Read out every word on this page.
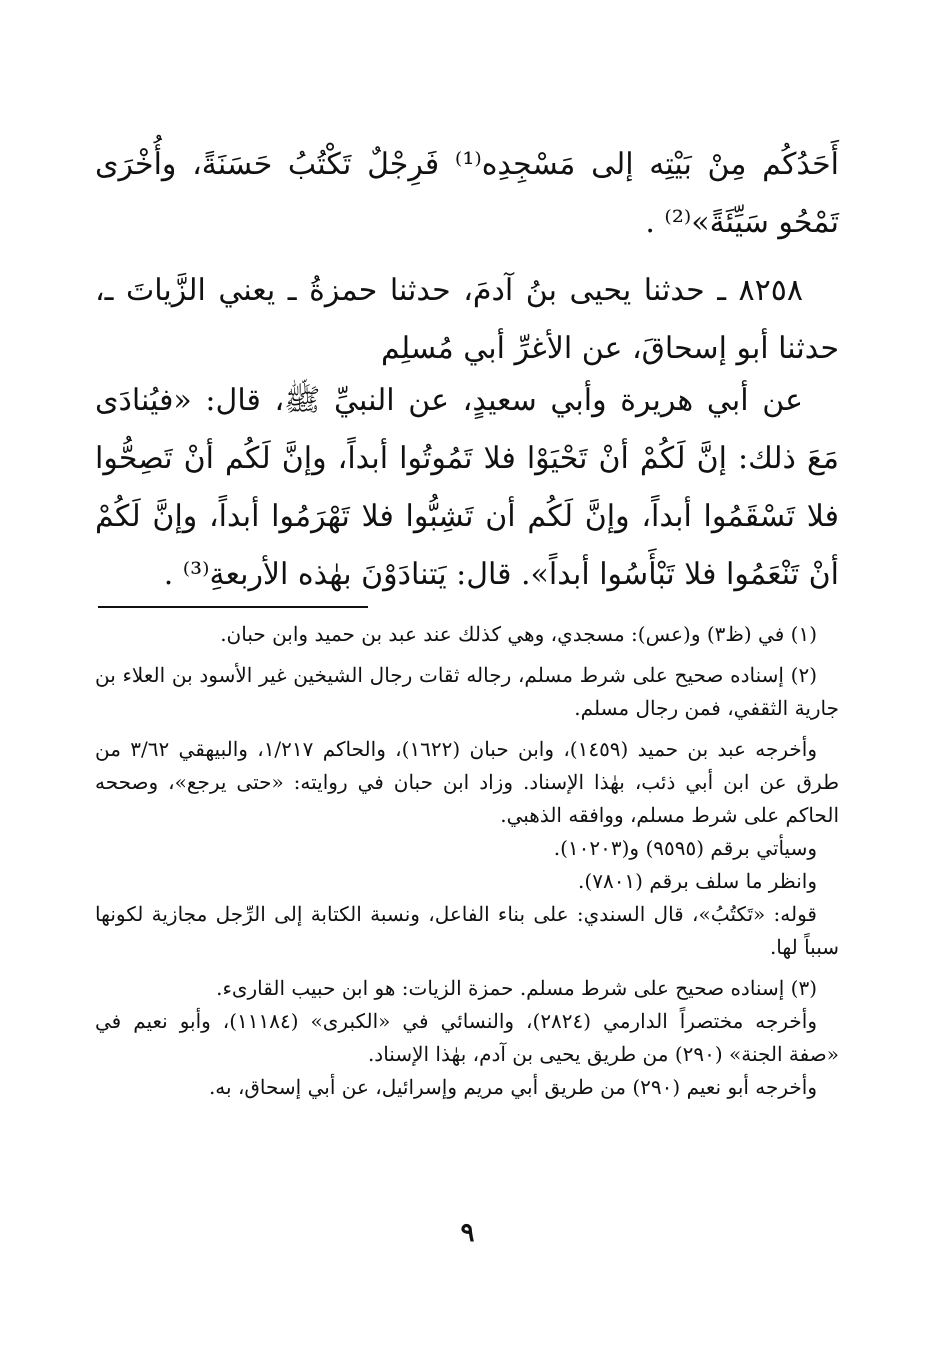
أَحَدُكُم مِنْ بَيْتِه إلى مَسْجِدِه⁽¹⁾ فَرِجْلٌ تَكْتُبُ حَسَنَةً، وأُخْرَى تَمْحُو سَيِّئَةً»⁽²⁾ .

٨٢٥٨ ـ حدثنا يحيى بنُ آدمَ، حدثنا حمزةُ ـ يعني الزَّياتَ ـ، حدثنا أبو إسحاقَ، عن الأغرِّ أبي مُسلِم

عن أبي هريرة وأبي سعيدٍ، عن النبيِّ ﷺ، قال: «فيُنادَى مَعَ ذلك: إنَّ لَكُمْ أنْ تَحْيَوْا فلا تَمُوتُوا أبداً، وإنَّ لَكُم أنْ تَصِحُّوا فلا تَسْقَمُوا أبداً، وإنَّ لَكُم أن تَشِبُّوا فلا تَهْرَمُوا أبداً، وإنَّ لَكُمْ أنْ تَنْعَمُوا فلا تَبْأَسُوا أبداً». قال: يَتنادَوْنَ بهٰذه الأربعةِ⁽³⁾ .

(١) في (ظ٣) و(عس): مسجدي، وهي كذلك عند عبد بن حميد وابن حبان.

(٢) إسناده صحيح على شرط مسلم، رجاله ثقات رجال الشيخين غير الأسود بن العلاء بن جارية الثقفي، فمن رجال مسلم.

وأخرجه عبد بن حميد (١٤٥٩)، وابن حبان (١٦٢٢)، والحاكم ١/٢١٧، والبيهقي ٣/٦٢ من طرق عن ابن أبي ذئب، بهٰذا الإسناد. وزاد ابن حبان في روايته: «حتى يرجع»، وصححه الحاكم على شرط مسلم، ووافقه الذهبي.

وسيأتي برقم (٩٥٩٥) و(١٠٢٠٣).

وانظر ما سلف برقم (٧٨٠١).

قوله: «تَكتُبُ»، قال السندي: على بناء الفاعل، ونسبة الكتابة إلى الرِّجل مجازية لكونها سبباً لها.

(٣) إسناده صحيح على شرط مسلم. حمزة الزيات: هو ابن حبيب القارىء.

وأخرجه مختصراً الدارمي (٢٨٢٤)، والنسائي في «الكبرى» (١١١٨٤)، وأبو نعيم في «صفة الجنة» (٢٩٠) من طريق يحيى بن آدم، بهٰذا الإسناد.

وأخرجه أبو نعيم (٢٩٠) من طريق أبي مريم وإسرائيل، عن أبي إسحاق، به.

٩
